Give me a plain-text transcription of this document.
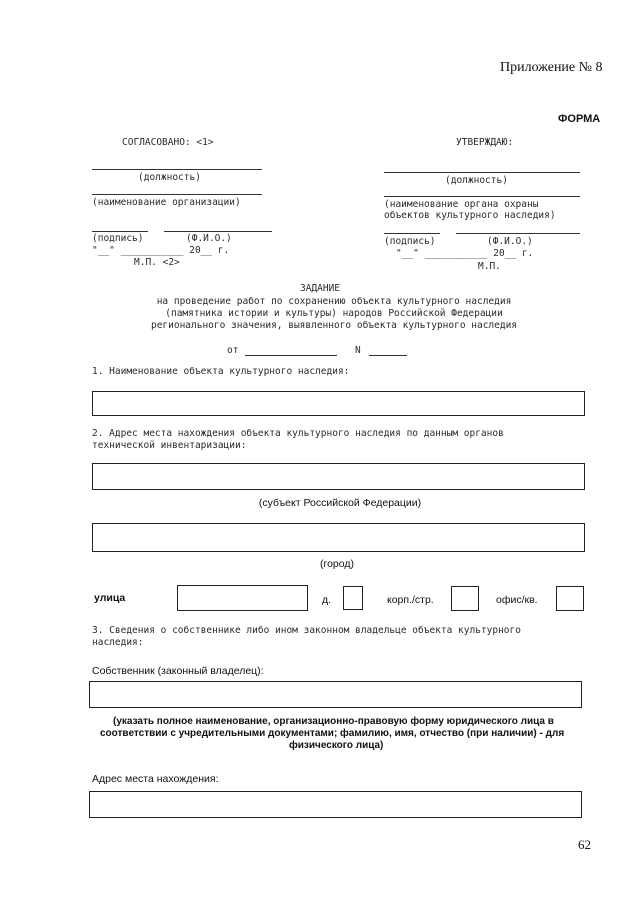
Приложение № 8
ФОРМА
СОГЛАСОВАНО: <1>
(должность)
(наименование организации)
(подпись)	(Ф.И.О.)
"__" ___________ 20__ г.
М.П. <2>
УТВЕРЖДАЮ:
(должность)
(наименование органа охраны
объектов культурного наследия)
(подпись)	(Ф.И.О.)
"__" ___________ 20__ г.
М.П.
ЗАДАНИЕ
на проведение работ по сохранению объекта культурного наследия
(памятника истории и культуры) народов Российской Федерации
регионального значения, выявленного объекта культурного наследия
от	N
1. Наименование объекта культурного наследия:
2. Адрес места нахождения объекта культурного наследия по данным органов
технической инвентаризации:
(субъект Российской Федерации)
(город)
улица	д.	корп./стр.	офис/кв.
3. Сведения о собственнике либо ином законном владельце объекта культурного
наследия:
Собственник (законный владелец):
(указать полное наименование, организационно-правовую форму юридического лица в
соответствии с учредительными документами; фамилию, имя, отчество (при наличии) - для
физического лица)
Адрес места нахождения:
62
